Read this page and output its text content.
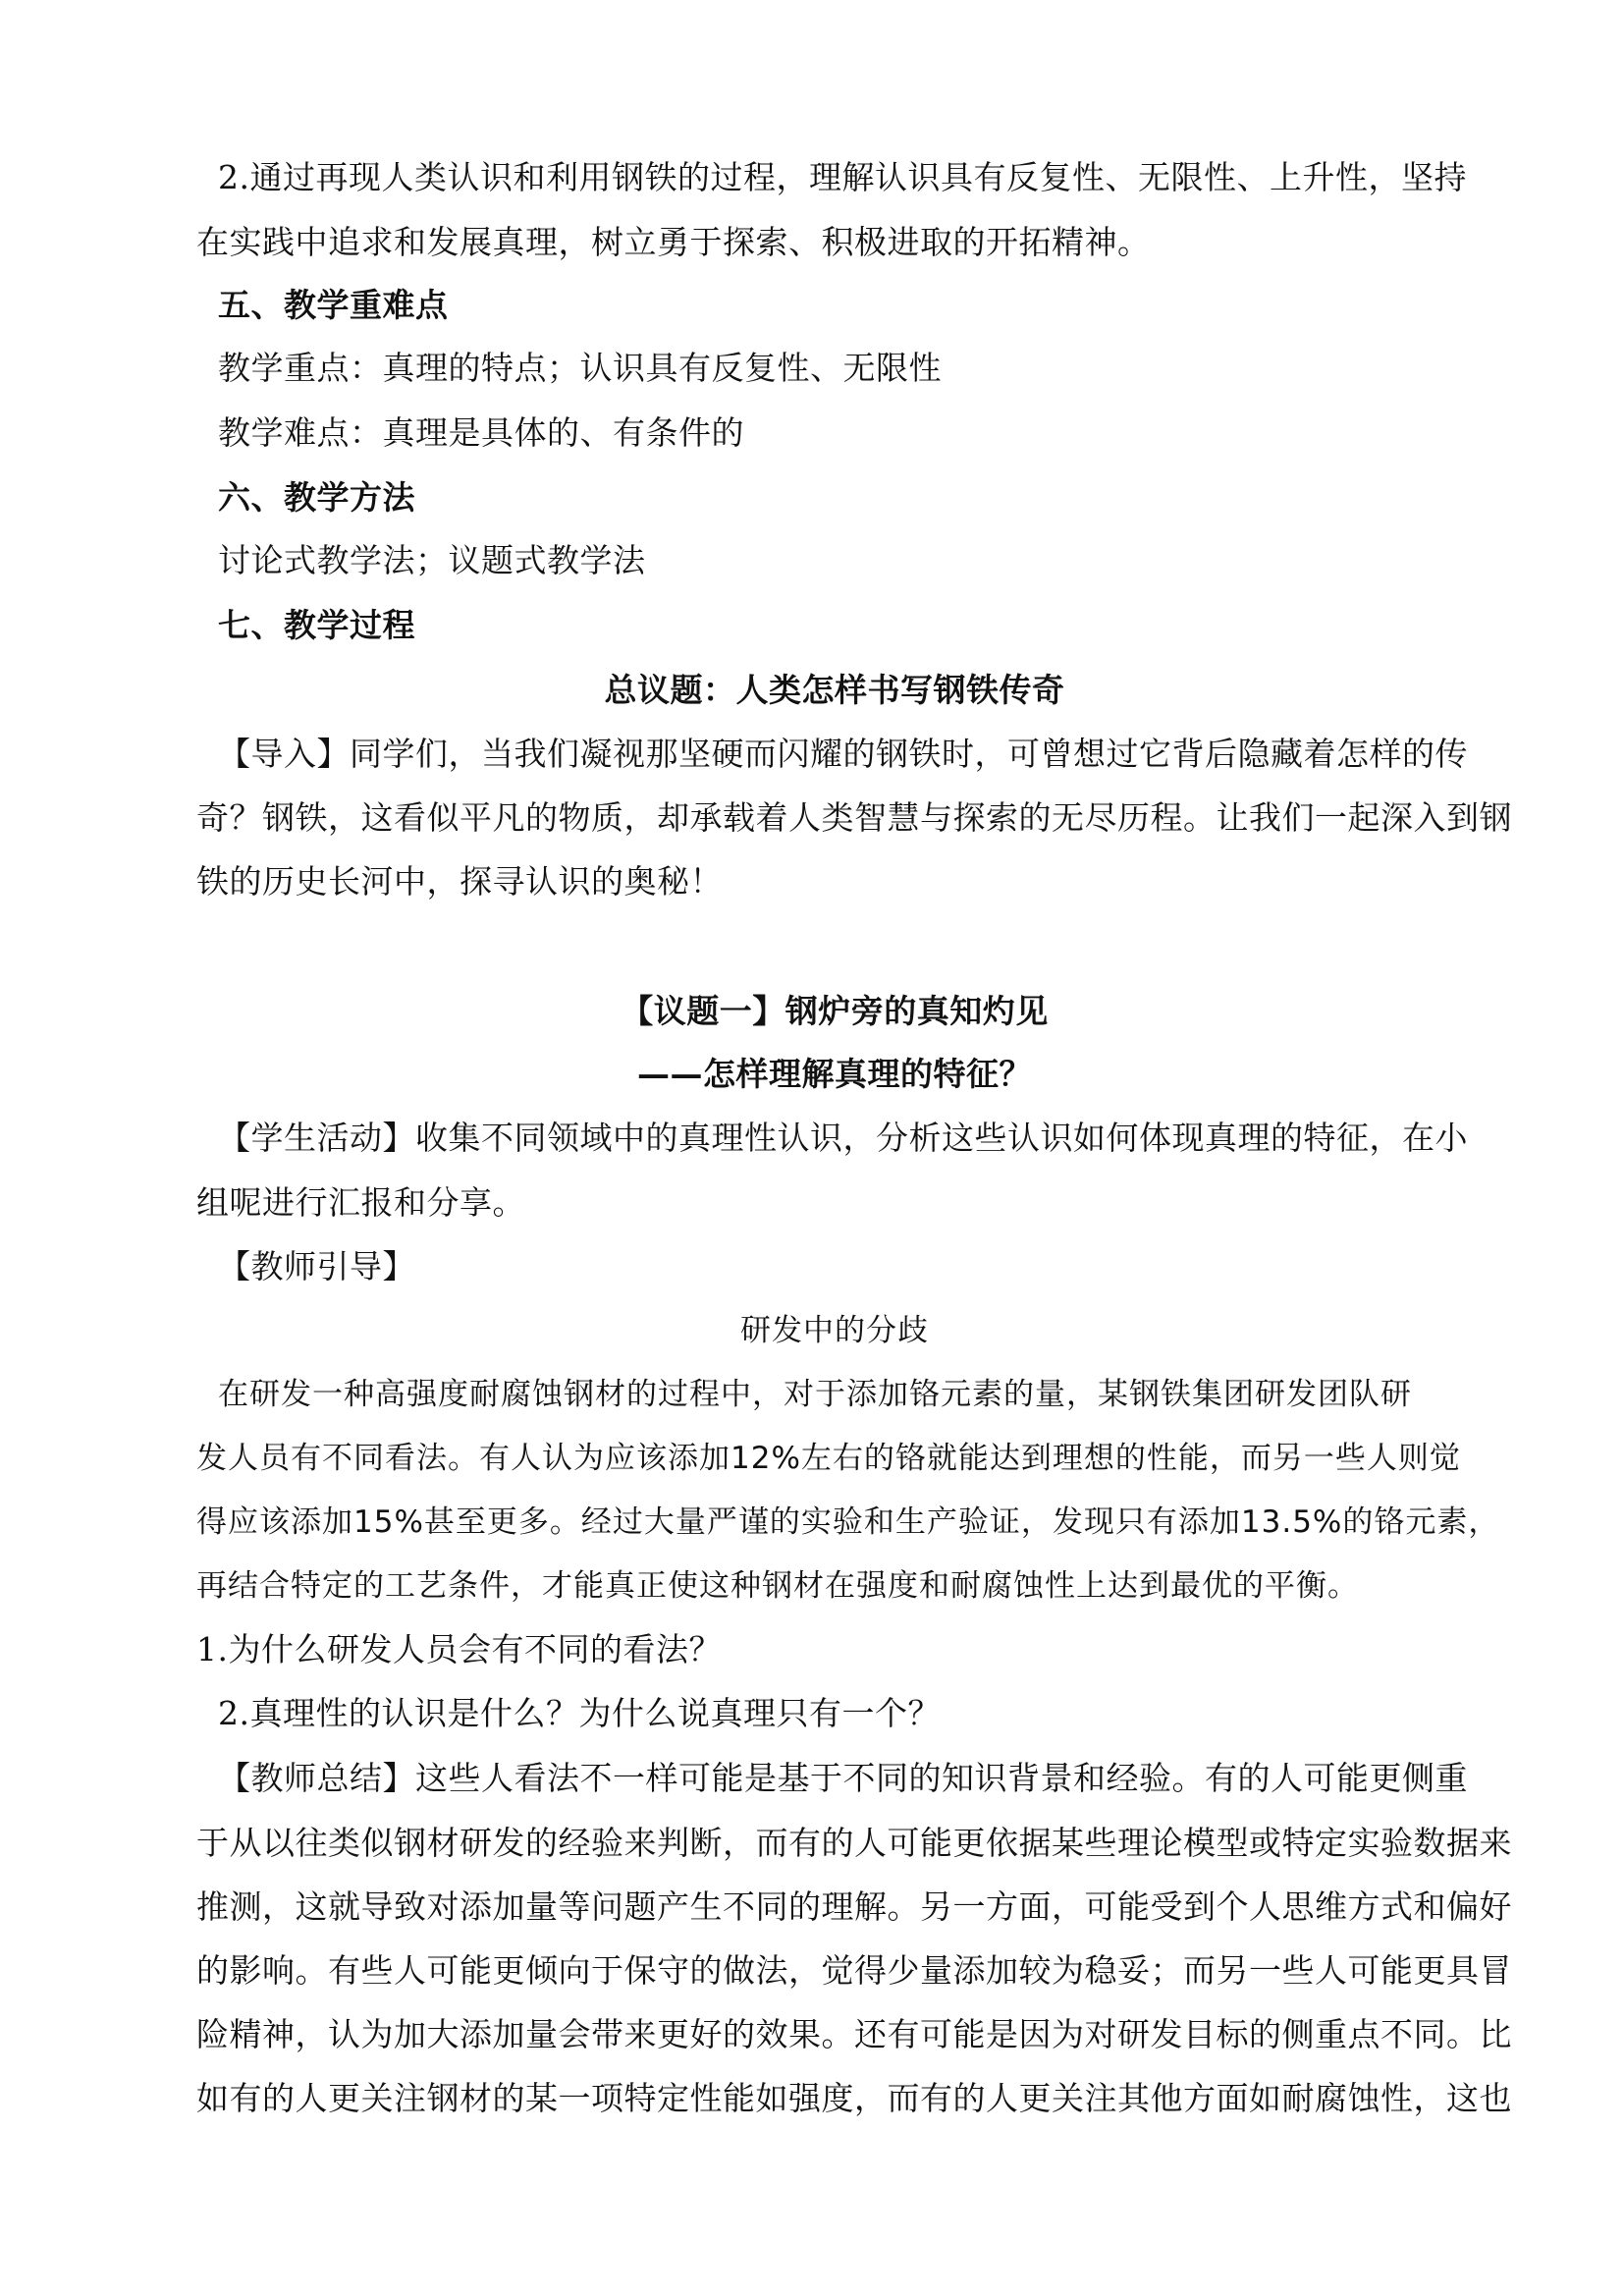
2.通过再现人类认识和利用钢铁的过程，理解认识具有反复性、无限性、上升性，坚持
在实践中追求和发展真理，树立勇于探索、积极进取的开拓精神。
五、教学重难点
教学重点：真理的特点；认识具有反复性、无限性
教学难点：真理是具体的、有条件的
六、教学方法
讨论式教学法；议题式教学法
七、教学过程
总议题：人类怎样书写钢铁传奇
【导入】同学们，当我们凝视那坚硬而闪耀的钢铁时，可曾想过它背后隐藏着怎样的传
奇？钢铁，这看似平凡的物质，却承载着人类智慧与探索的无尽历程。让我们一起深入到钢
铁的历史长河中，探寻认识的奥秘！
【议题一】钢炉旁的真知灼见
——怎样理解真理的特征？
【学生活动】收集不同领域中的真理性认识，分析这些认识如何体现真理的特征，在小
组呢进行汇报和分享。
【教师引导】
研发中的分歧
在研发一种高强度耐腐蚀钢材的过程中，对于添加铬元素的量，某钢铁集团研发团队研
发人员有不同看法。有人认为应该添加12%左右的铬就能达到理想的性能，而另一些人则觉
得应该添加15%甚至更多。经过大量严谨的实验和生产验证，发现只有添加13.5%的铬元素，
再结合特定的工艺条件，才能真正使这种钢材在强度和耐腐蚀性上达到最优的平衡。
1.为什么研发人员会有不同的看法？
2.真理性的认识是什么？为什么说真理只有一个？
【教师总结】这些人看法不一样可能是基于不同的知识背景和经验。有的人可能更侧重
于从以往类似钢材研发的经验来判断，而有的人可能更依据某些理论模型或特定实验数据来
推测，这就导致对添加量等问题产生不同的理解。另一方面，可能受到个人思维方式和偏好
的影响。有些人可能更倾向于保守的做法，觉得少量添加较为稳妥；而另一些人可能更具冒
险精神，认为加大添加量会带来更好的效果。还有可能是因为对研发目标的侧重点不同。比
如有的人更关注钢材的某一项特定性能如强度，而有的人更关注其他方面如耐腐蚀性，这也
